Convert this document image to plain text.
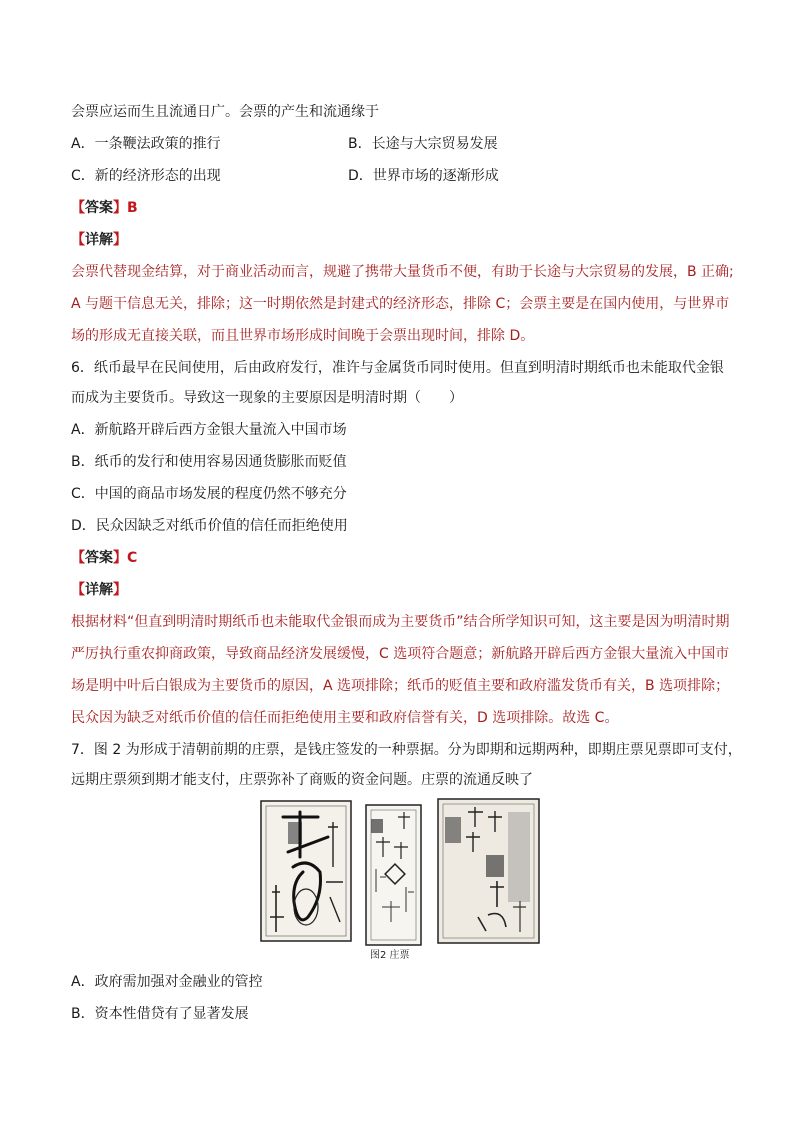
会票应运而生且流通日广。会票的产生和流通缘于
A．一条鞭法政策的推行	B．长途与大宗贸易发展
C．新的经济形态的出现	D．世界市场的逐渐形成
【答案】B
【详解】
会票代替现金结算，对于商业活动而言，规避了携带大量货币不便，有助于长途与大宗贸易的发展，B 正确;
A 与题干信息无关，排除；这一时期依然是封建式的经济形态，排除 C；会票主要是在国内使用，与世界市
场的形成无直接关联，而且世界市场形成时间晚于会票出现时间，排除 D。
6．纸币最早在民间使用，后由政府发行，准许与金属货币同时使用。但直到明清时期纸币也未能取代金银
而成为主要货币。导致这一现象的主要原因是明清时期（　　）
A．新航路开辟后西方金银大量流入中国市场
B．纸币的发行和使用容易因通货膨胀而贬值
C．中国的商品市场发展的程度仍然不够充分
D．民众因缺乏对纸币价值的信任而拒绝使用
【答案】C
【详解】
根据材料“但直到明清时期纸币也未能取代金银而成为主要货币”结合所学知识可知，这主要是因为明清时期
严厉执行重农抑商政策，导致商品经济发展缓慢，C 选项符合题意；新航路开辟后西方金银大量流入中国市
场是明中叶后白银成为主要货币的原因，A 选项排除；纸币的贬值主要和政府滥发货币有关，B 选项排除；
民众因为缺乏对纸币价值的信任而拒绝使用主要和政府信誉有关，D 选项排除。故选 C。
7．图 2 为形成于清朝前期的庄票，是钱庄签发的一种票据。分为即期和远期两种，即期庄票见票即可支付，
远期庄票须到期才能支付，庄票弥补了商贩的资金问题。庄票的流通反映了
图2 庄票
A．政府需加强对金融业的管控
B．资本性借贷有了显著发展
